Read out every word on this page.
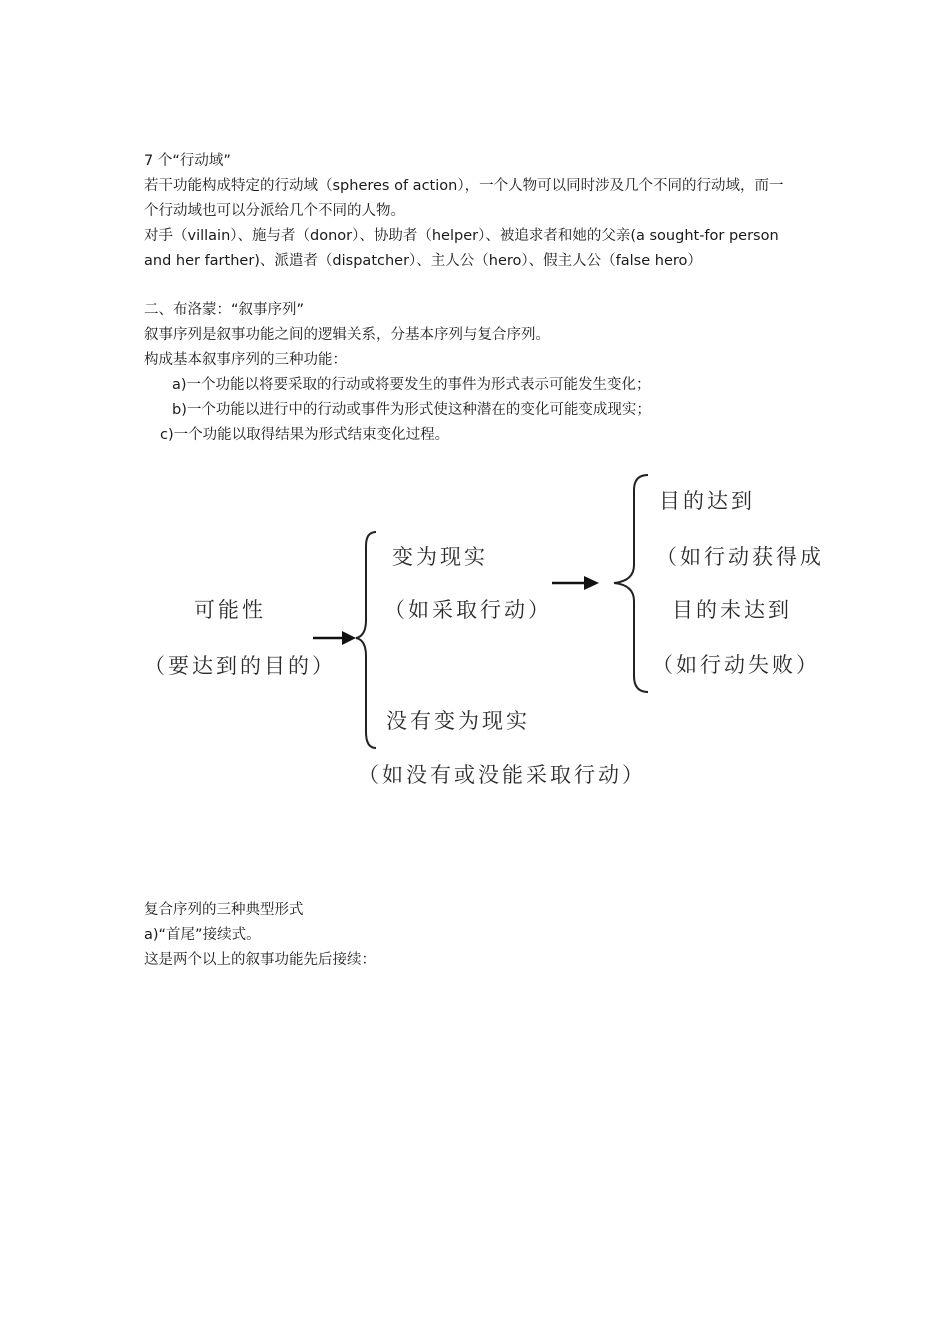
7 个“行动域”
若干功能构成特定的行动域（spheres of action），一个人物可以同时涉及几个不同的行动域，而一
个行动域也可以分派给几个不同的人物。
对手（villain）、施与者（donor）、协助者（helper）、被追求者和她的父亲(a sought-for person
and her farther)、派遣者（dispatcher）、主人公（hero）、假主人公（false hero）
二、布洛蒙：“叙事序列”
叙事序列是叙事功能之间的逻辑关系，分基本序列与复合序列。
构成基本叙事序列的三种功能：
a)一个功能以将要采取的行动或将要发生的事件为形式表示可能发生变化；
b)一个功能以进行中的行动或事件为形式使这种潜在的变化可能变成现实；
c)一个功能以取得结果为形式结束变化过程。
可能性
（要达到的目的）
变为现实
（如采取行动）
没有变为现实
（如没有或没能采取行动）
目的达到
（如行动获得成
目的未达到
（如行动失败）
复合序列的三种典型形式
a)“首尾”接续式。
这是两个以上的叙事功能先后接续：
